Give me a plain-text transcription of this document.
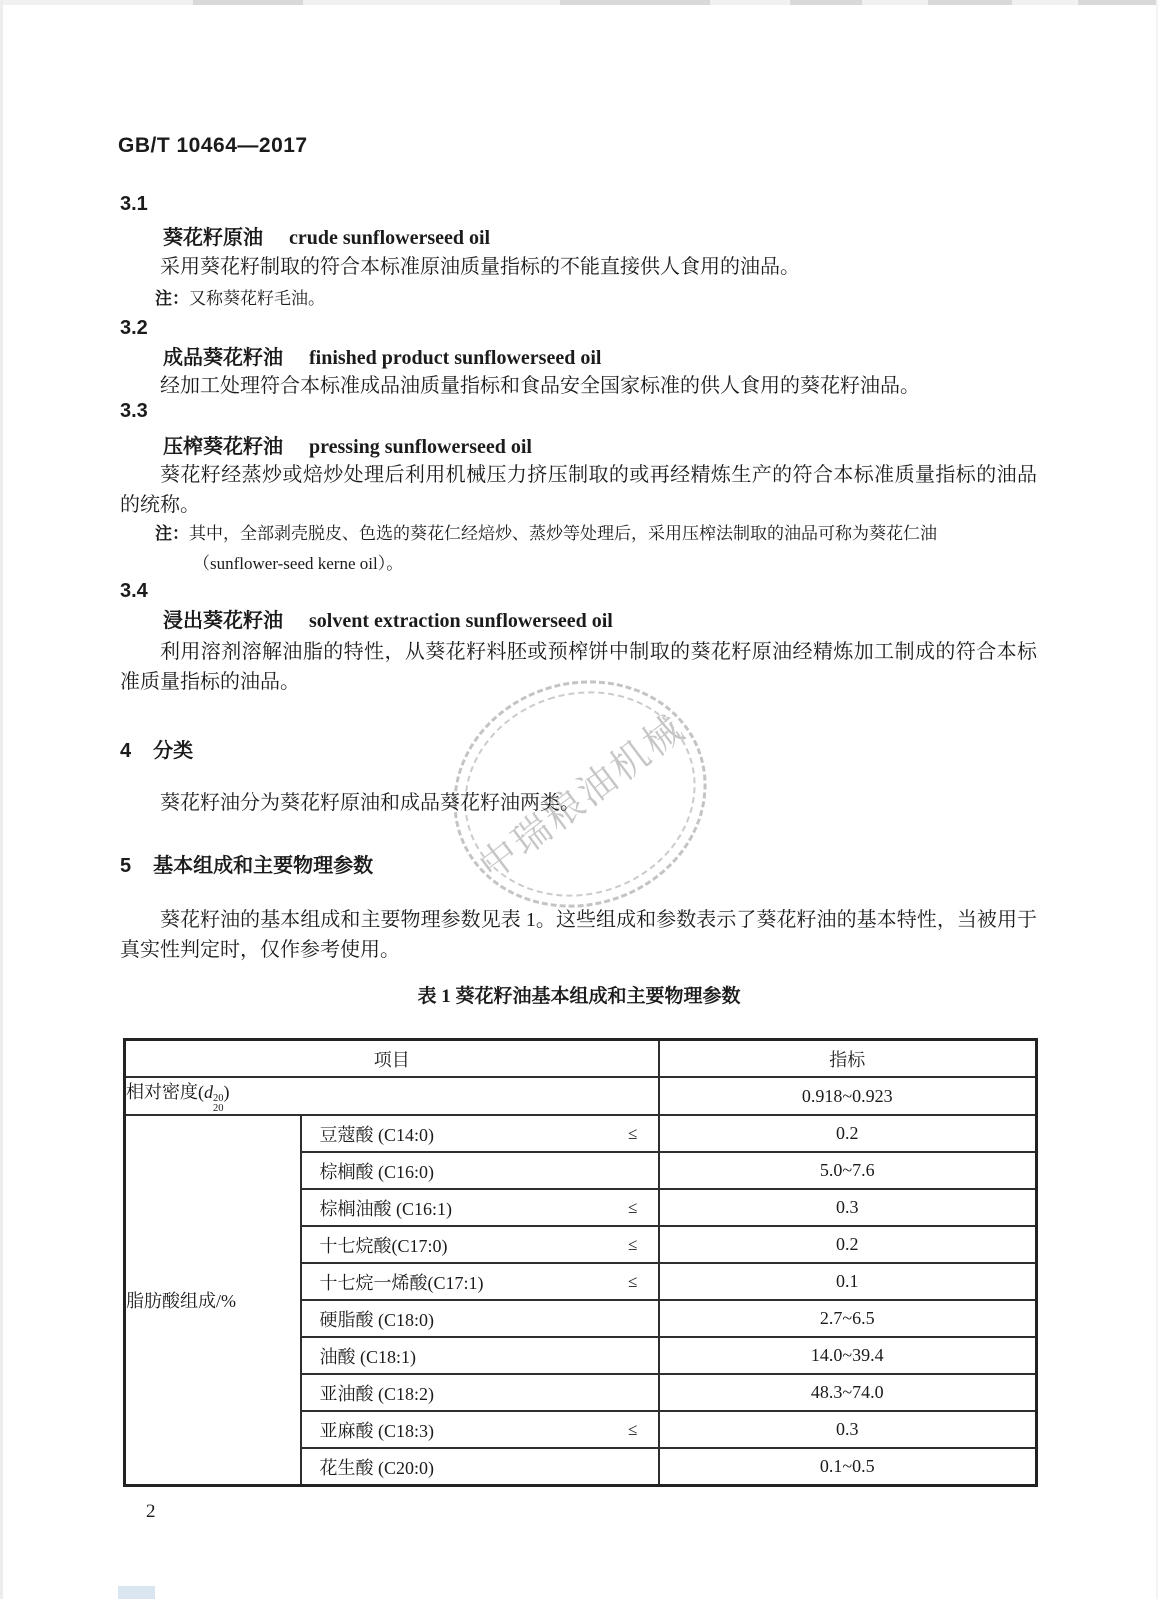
中瑞粮油机械
GB/T 10464—2017
3.1
葵花籽原油 crude sunflowerseed oil
采用葵花籽制取的符合本标准原油质量指标的不能直接供人食用的油品。
注：又称葵花籽毛油。
3.2
成品葵花籽油 finished product sunflowerseed oil
经加工处理符合本标准成品油质量指标和食品安全国家标准的供人食用的葵花籽油品。
3.3
压榨葵花籽油 pressing sunflowerseed oil
葵花籽经蒸炒或焙炒处理后利用机械压力挤压制取的或再经精炼生产的符合本标准质量指标的油品的统称。
注：其中，全部剥壳脱皮、色选的葵花仁经焙炒、蒸炒等处理后，采用压榨法制取的油品可称为葵花仁油（sunflower-seed kerne oil）。
3.4
浸出葵花籽油 solvent extraction sunflowerseed oil
利用溶剂溶解油脂的特性，从葵花籽料胚或预榨饼中制取的葵花籽原油经精炼加工制成的符合本标准质量指标的油品。
4 分类
葵花籽油分为葵花籽原油和成品葵花籽油两类。
5 基本组成和主要物理参数
葵花籽油的基本组成和主要物理参数见表 1。这些组成和参数表示了葵花籽油的基本特性，当被用于真实性判定时，仅作参考使用。
表 1 葵花籽油基本组成和主要物理参数
项目		指标
相对密度(d 20
20
)		0.918~0.923
脂肪酸组成/%	豆蔻酸 (C14:0) ≤	0.2

	棕榈酸 (C16:0)	5.0~7.6

	棕榈油酸 (C16:1) ≤	0.3

	十七烷酸(C17:0) ≤	0.2

	十七烷一烯酸(C17:1) ≤	0.1

	硬脂酸 (C18:0)	2.7~6.5

	油酸 (C18:1)	14.0~39.4

	亚油酸 (C18:2)	48.3~74.0

	亚麻酸 (C18:3) ≤	0.3

	花生酸 (C20:0)	0.1~0.5
2
